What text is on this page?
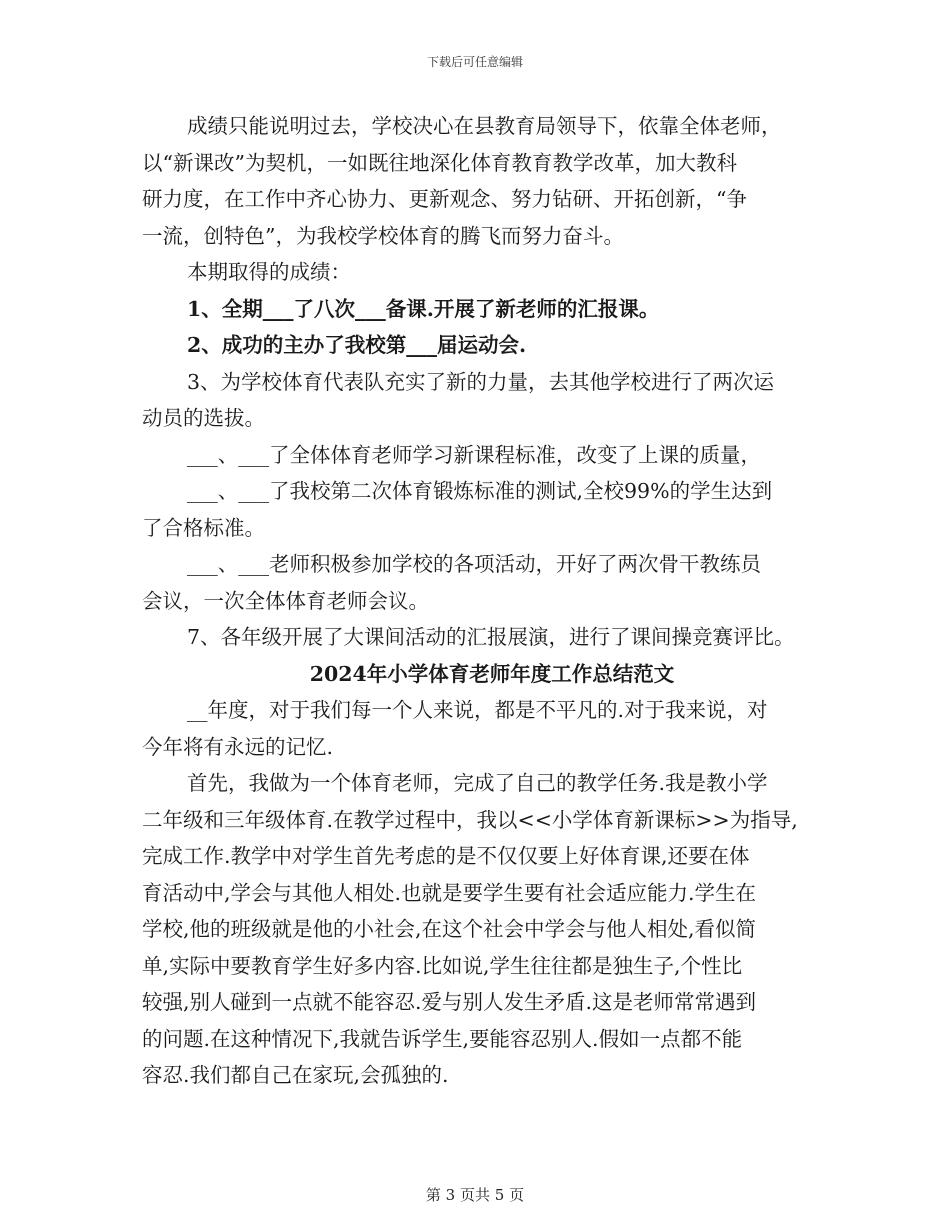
下载后可任意编辑
成绩只能说明过去，学校决心在县教育局领导下，依靠全体老师，
以“新课改”为契机，一如既往地深化体育教育教学改革，加大教科
研力度，在工作中齐心协力、更新观念、努力钻研、开拓创新，“争
一流，创特色”，为我校学校体育的腾飞而努力奋斗。
本期取得的成绩：
1、全期___了八次___备课.开展了新老师的汇报课。
2、成功的主办了我校第___届运动会.
3、为学校体育代表队充实了新的力量，去其他学校进行了两次运
动员的选拔。
___、___了全体体育老师学习新课程标准，改变了上课的质量，
___、___了我校第二次体育锻炼标准的测试,全校99%的学生达到
了合格标准。
___、___老师积极参加学校的各项活动，开好了两次骨干教练员
会议，一次全体体育老师会议。
7、各年级开展了大课间活动的汇报展演，进行了课间操竞赛评比。
2024年小学体育老师年度工作总结范文
__年度，对于我们每一个人来说，都是不平凡的.对于我来说，对
今年将有永远的记忆.
首先，我做为一个体育老师，完成了自己的教学任务.我是教小学
二年级和三年级体育.在教学过程中，我以<<小学体育新课标>>为指导,
完成工作.教学中对学生首先考虑的是不仅仅要上好体育课,还要在体
育活动中,学会与其他人相处.也就是要学生要有社会适应能力.学生在
学校,他的班级就是他的小社会,在这个社会中学会与他人相处,看似简
单,实际中要教育学生好多内容.比如说,学生往往都是独生子,个性比
较强,别人碰到一点就不能容忍.爱与别人发生矛盾.这是老师常常遇到
的问题.在这种情况下,我就告诉学生,要能容忍别人.假如一点都不能
容忍.我们都自己在家玩,会孤独的.
第 3 页共 5 页
